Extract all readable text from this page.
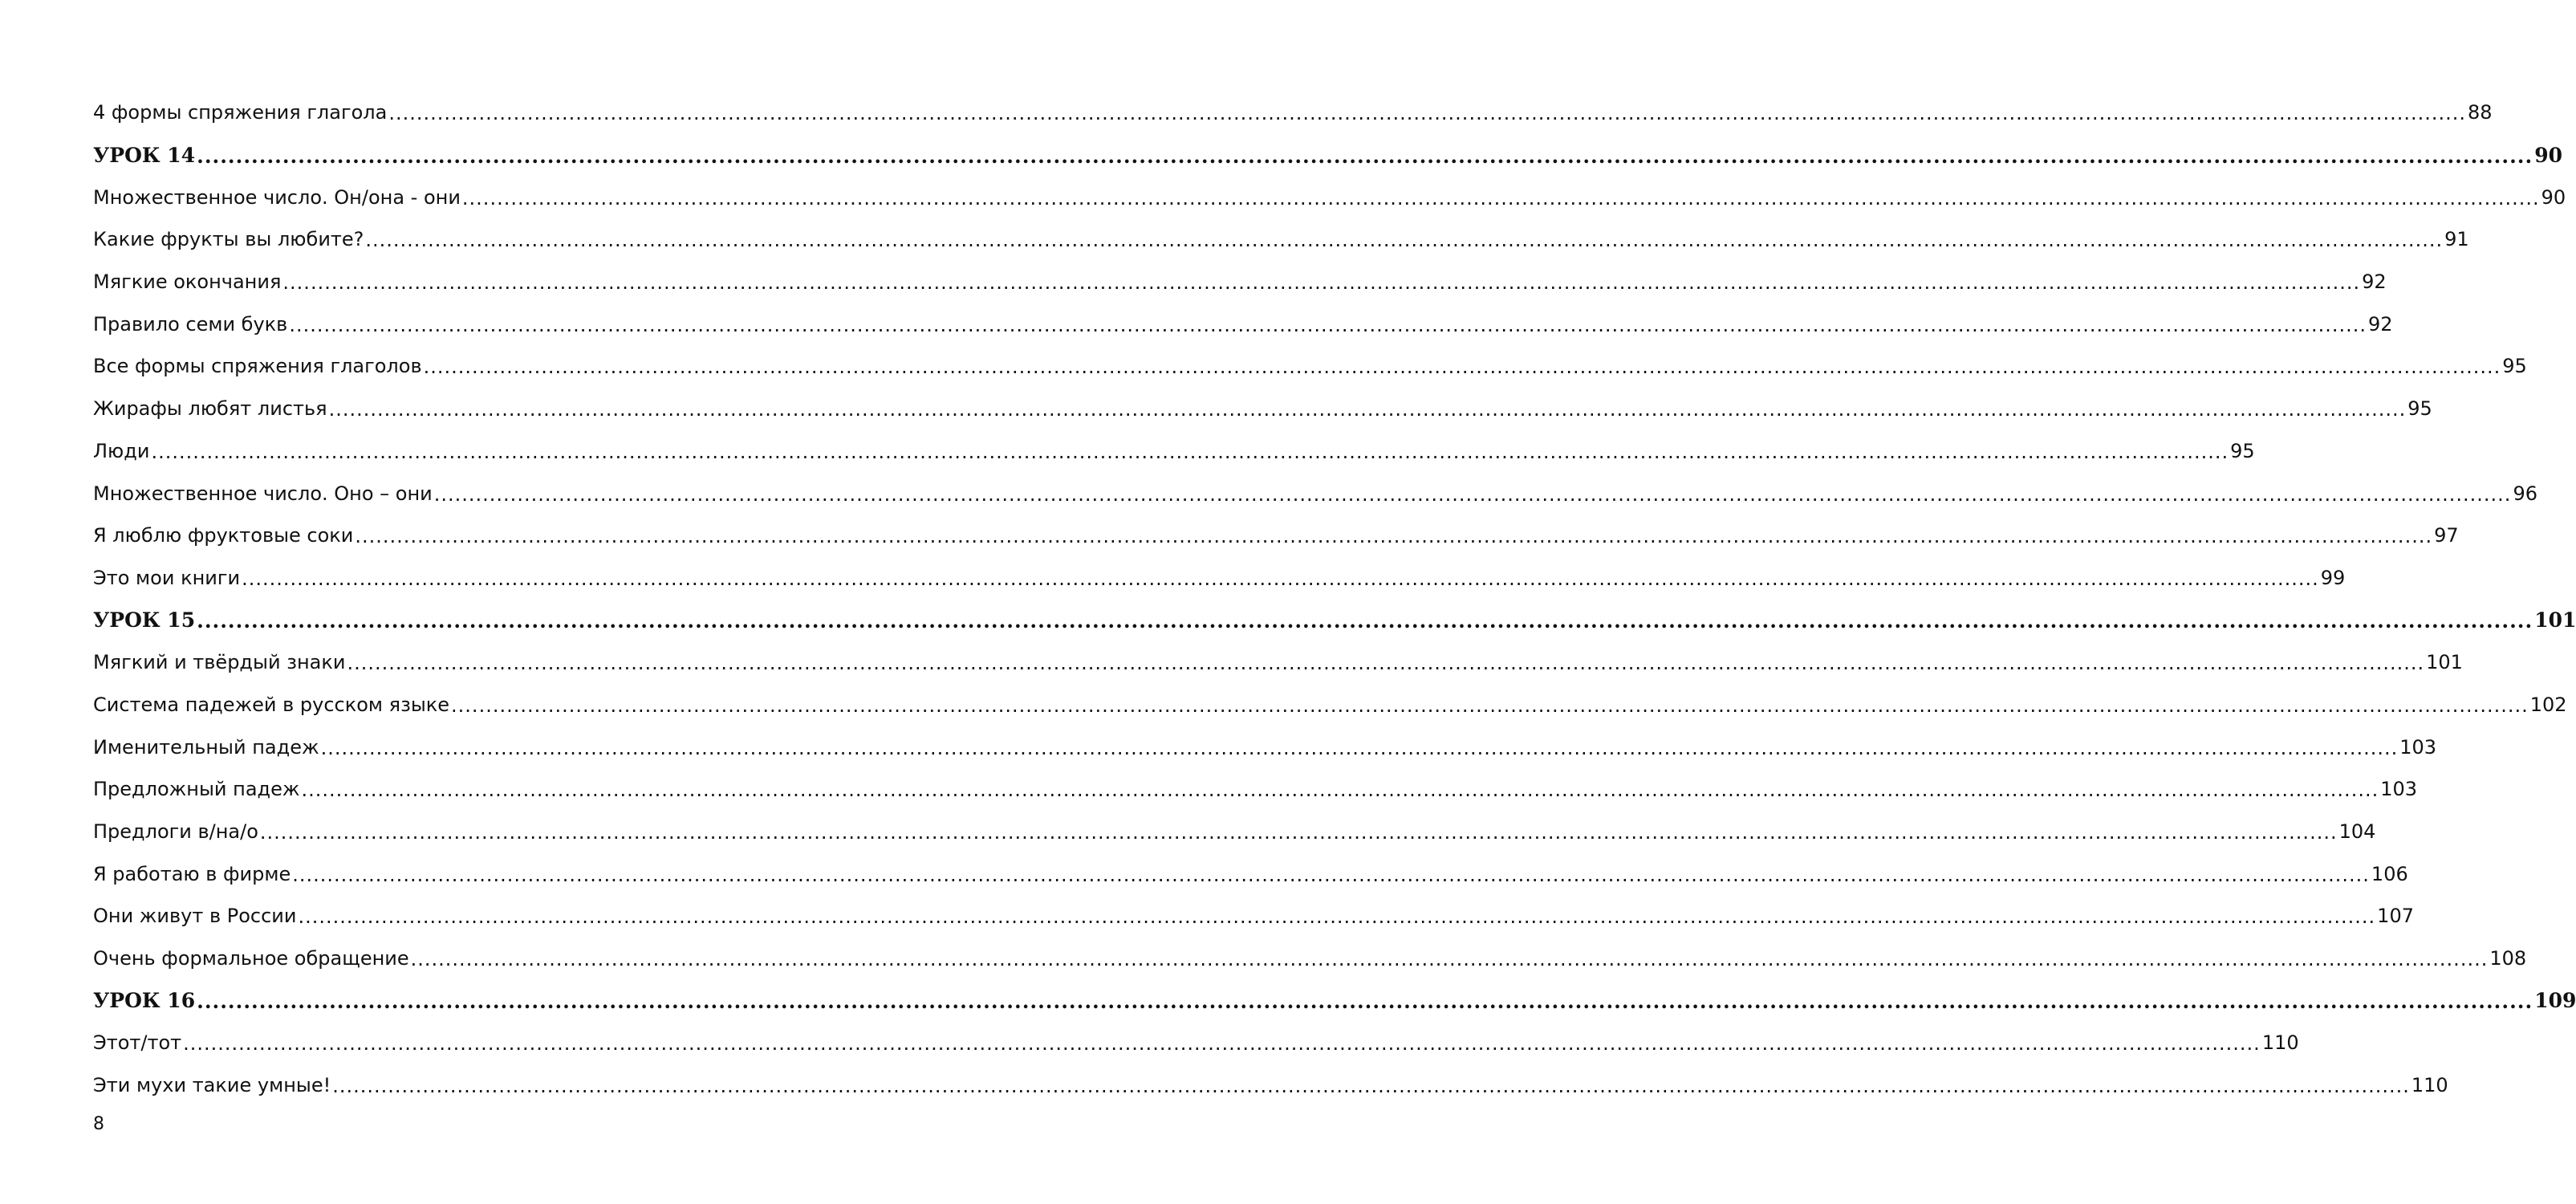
4 формы спряжения глагола ............................................................................................................................................................................................................................................................................................................ 88
УРОК 14 ............................................................................................................................................................................................................................................................................................................ 90
Множественное число. Он/она - они ............................................................................................................................................................................................................................................................................................................ 90
Какие фрукты вы любите? ............................................................................................................................................................................................................................................................................................................ 91
Мягкие окончания ............................................................................................................................................................................................................................................................................................................ 92
Правило семи букв ............................................................................................................................................................................................................................................................................................................ 92
Все формы спряжения глаголов ............................................................................................................................................................................................................................................................................................................ 95
Жирафы любят листья ............................................................................................................................................................................................................................................................................................................ 95
Люди ............................................................................................................................................................................................................................................................................................................ 95
Множественное число. Оно – они ............................................................................................................................................................................................................................................................................................................ 96
Я люблю фруктовые соки ............................................................................................................................................................................................................................................................................................................ 97
Это мои книги ............................................................................................................................................................................................................................................................................................................ 99
УРОК 15 ............................................................................................................................................................................................................................................................................................................ 101
Мягкий и твёрдый знаки ............................................................................................................................................................................................................................................................................................................ 101
Система падежей в русском языке ............................................................................................................................................................................................................................................................................................................ 102
Именительный падеж ............................................................................................................................................................................................................................................................................................................ 103
Предложный падеж ............................................................................................................................................................................................................................................................................................................ 103
Предлоги в/на/о ............................................................................................................................................................................................................................................................................................................ 104
Я работаю в фирме ............................................................................................................................................................................................................................................................................................................ 106
Они живут в России ............................................................................................................................................................................................................................................................................................................ 107
Очень формальное обращение ............................................................................................................................................................................................................................................................................................................ 108
УРОК 16 ............................................................................................................................................................................................................................................................................................................ 109
Этот/тот ............................................................................................................................................................................................................................................................................................................ 110
Эти мухи такие умные! ............................................................................................................................................................................................................................................................................................................ 110
8
